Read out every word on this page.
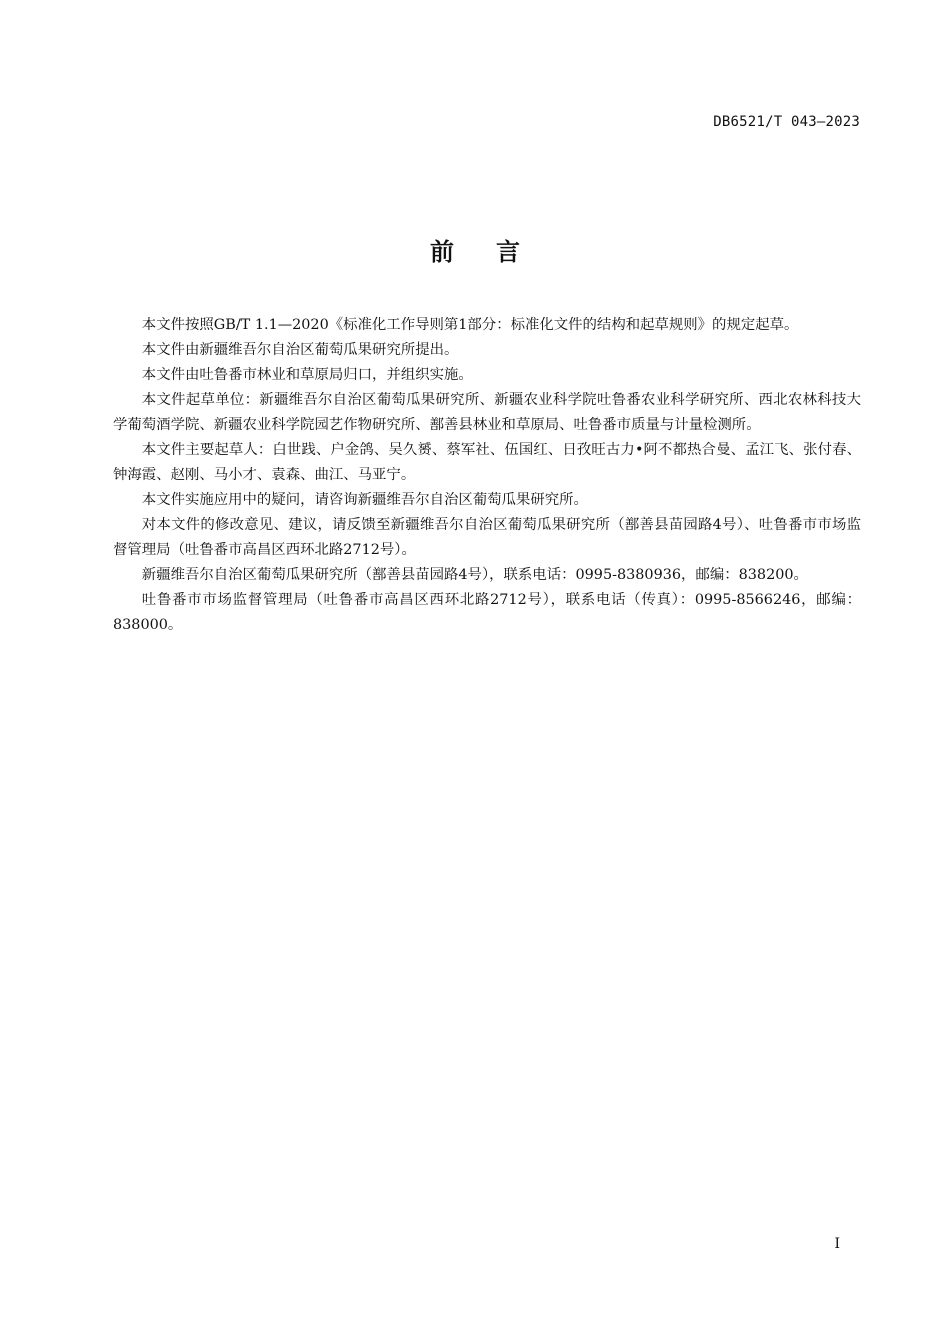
DB6521/T 043—2023
前言

本文件按照GB/T 1.1—2020《标准化工作导则第1部分：标准化文件的结构和起草规则》的规定起草。

本文件由新疆维吾尔自治区葡萄瓜果研究所提出。

本文件由吐鲁番市林业和草原局归口，并组织实施。

本文件起草单位：新疆维吾尔自治区葡萄瓜果研究所、新疆农业科学院吐鲁番农业科学研究所、西北农林科技大学葡萄酒学院、新疆农业科学院园艺作物研究所、鄯善县林业和草原局、吐鲁番市质量与计量检测所。

本文件主要起草人：白世践、户金鸽、吴久赟、蔡军社、伍国红、日孜旺古力•阿不都热合曼、孟江飞、张付春、钟海霞、赵刚、马小才、袁森、曲江、马亚宁。

本文件实施应用中的疑问，请咨询新疆维吾尔自治区葡萄瓜果研究所。

对本文件的修改意见、建议，请反馈至新疆维吾尔自治区葡萄瓜果研究所（鄯善县苗园路4号）、吐鲁番市市场监督管理局（吐鲁番市高昌区西环北路2712号）。

新疆维吾尔自治区葡萄瓜果研究所（鄯善县苗园路4号），联系电话：0995-8380936，邮编：838200。

吐鲁番市市场监督管理局（吐鲁番市高昌区西环北路2712号），联系电话（传真）：0995-8566246，邮编：838000。

I
